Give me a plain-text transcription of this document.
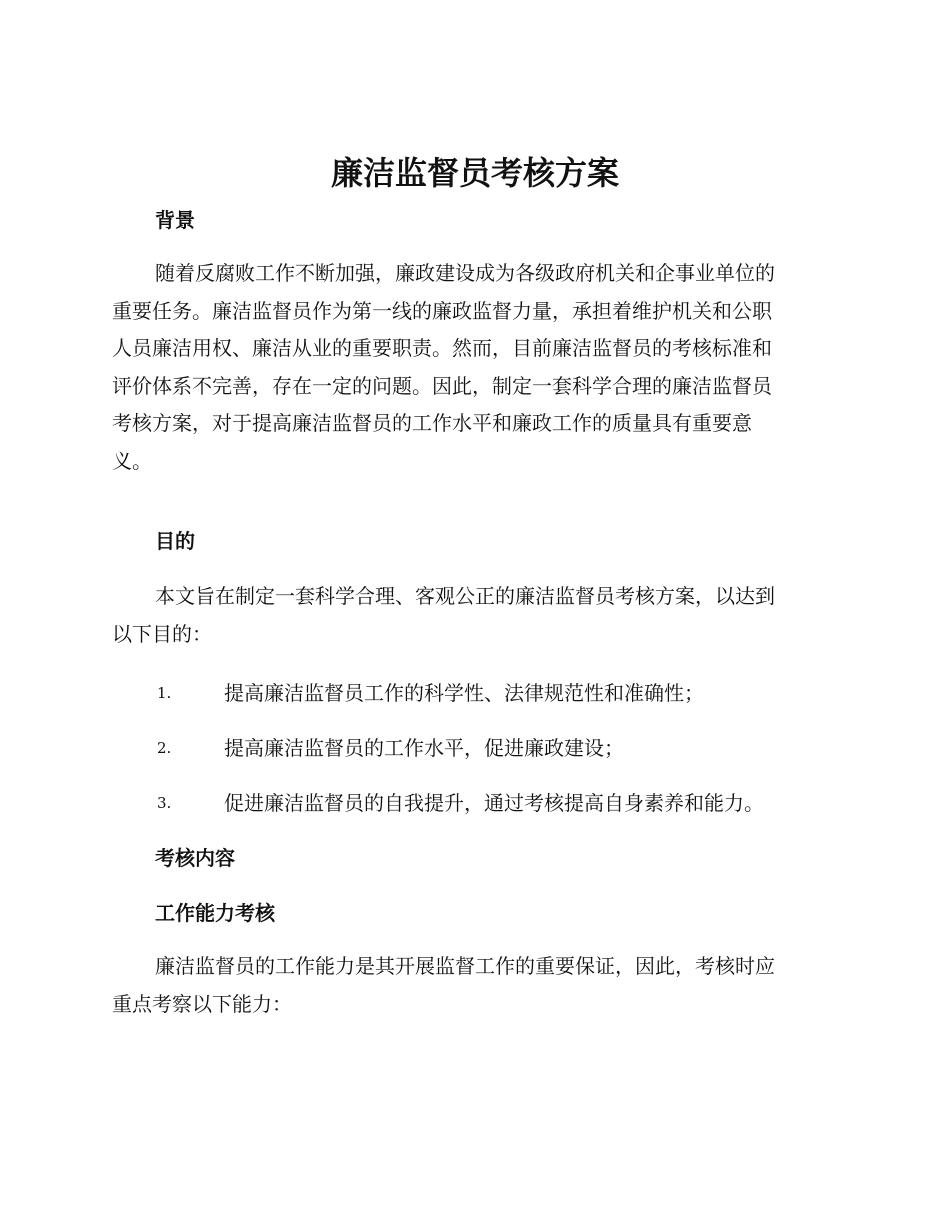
廉洁监督员考核方案
背景

随着反腐败工作不断加强，廉政建设成为各级政府机关和企事业单位的
重要任务。廉洁监督员作为第一线的廉政监督力量，承担着维护机关和公职
人员廉洁用权、廉洁从业的重要职责。然而，目前廉洁监督员的考核标准和
评价体系不完善，存在一定的问题。因此，制定一套科学合理的廉洁监督员
考核方案，对于提高廉洁监督员的工作水平和廉政工作的质量具有重要意
义。

目的

本文旨在制定一套科学合理、客观公正的廉洁监督员考核方案，以达到
以下目的：

1.	提高廉洁监督员工作的科学性、法律规范性和准确性；
2.	提高廉洁监督员的工作水平，促进廉政建设；
3.	促进廉洁监督员的自我提升，通过考核提高自身素养和能力。
考核内容
工作能力考核

廉洁监督员的工作能力是其开展监督工作的重要保证，因此，考核时应
重点考察以下能力：
